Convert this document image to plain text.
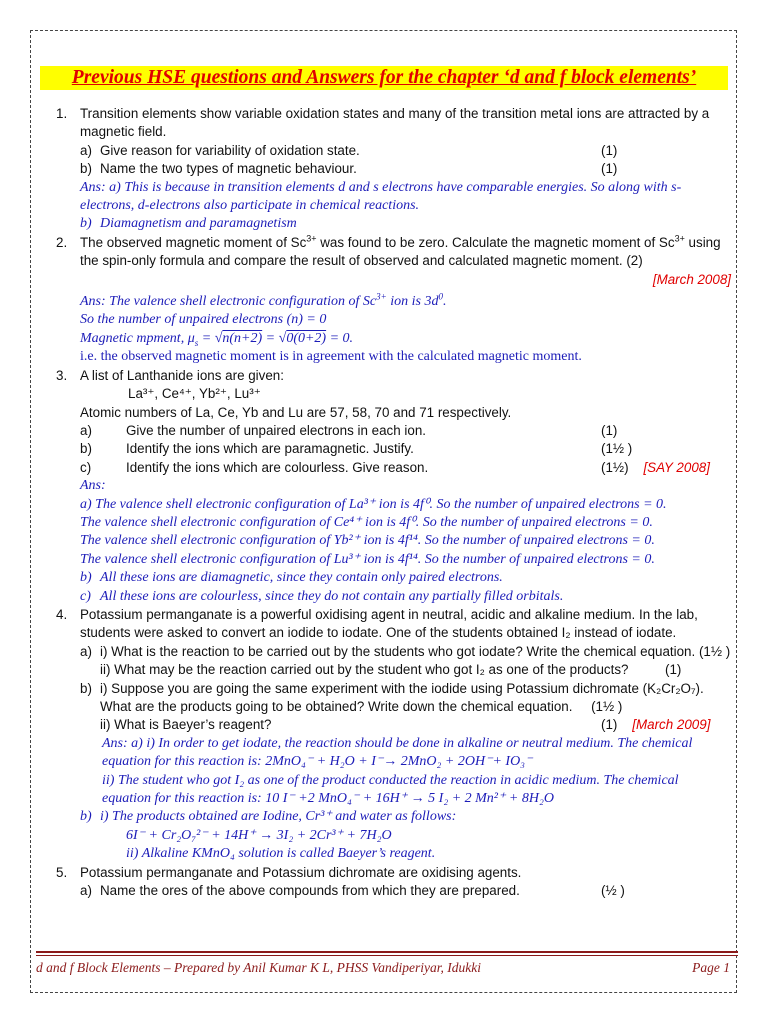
Previous HSE questions and Answers for the chapter ‘d and f block elements’
1. Transition elements show variable oxidation states and many of the transition metal ions are attracted by a magnetic field.
a) Give reason for variability of oxidation state.	(1)
b) Name the two types of magnetic behaviour.	(1)
Ans: a) This is because in transition elements d and s electrons have comparable energies. So along with s-electrons, d-electrons also participate in chemical reactions.
b) Diamagnetism and paramagnetism
2. The observed magnetic moment of $Sc^{3+}$ was found to be zero. Calculate the magnetic moment of $Sc^{3+}$ using the spin-only formula and compare the result of observed and calculated magnetic moment. (2)
[March 2008]
Ans: The valence shell electronic configuration of $Sc^{3+}$ ion is $3d^0$.
So the number of unpaired electrons (n) = 0
Magnetic mpment, $\mu_s = √n(n+2) = √0(0+2) = 0$.
i.e. the observed magnetic moment is in agreement with the calculated magnetic moment.
3. A list of Lanthanide ions are given:
La³⁺, Ce⁴⁺, Yb²⁺, Lu³⁺
Atomic numbers of La, Ce, Yb and Lu are 57, 58, 70 and 71 respectively.
a)	Give the number of unpaired electrons in each ion.	(1)
b)	Identify the ions which are paramagnetic. Justify.	(1½ )
c)	Identify the ions which are colourless. Give reason.	(1½) [SAY 2008]
Ans:
a) The valence shell electronic configuration of La³⁺ ion is 4f⁰. So the number of unpaired electrons = 0.
The valence shell electronic configuration of Ce⁴⁺ ion is 4f⁰. So the number of unpaired electrons = 0.
The valence shell electronic configuration of Yb²⁺ ion is 4f¹⁴. So the number of unpaired electrons = 0.
The valence shell electronic configuration of Lu³⁺ ion is 4f¹⁴. So the number of unpaired electrons = 0.
b) All these ions are diamagnetic, since they contain only paired electrons.
c) All these ions are colourless, since they do not contain any partially filled orbitals.
4. Potassium permanganate is a powerful oxidising agent in neutral, acidic and alkaline medium. In the lab, students were asked to convert an iodide to iodate. One of the students obtained I₂ instead of iodate.
a) i) What is the reaction to be carried out by the students who got iodate? Write the chemical equation. (1½ )
ii) What may be the reaction carried out by the student who got I₂ as one of the products?	(1)
b) i) Suppose you are going the same experiment with the iodide using Potassium dichromate (K₂Cr₂O₇). What are the products going to be obtained? Write down the chemical equation. (1½ )
ii) What is Baeyer’s reagent?	(1) [March 2009]
Ans: a) i) In order to get iodate, the reaction should be done in alkaline or neutral medium. The chemical equation for this reaction is: 2MnO₄⁻ + H₂O + I⁻→ 2MnO₂ + 2OH⁻+ IO₃⁻
ii) The student who got I₂ as one of the product conducted the reaction in acidic medium. The chemical equation for this reaction is: 10 I⁻ +2 MnO₄⁻ + 16H⁺ → 5 I₂ + 2 Mn²⁺ + 8H₂O
b) i) The products obtained are Iodine, Cr³⁺ and water as follows:
6I⁻ + Cr₂O₇²⁻ + 14H⁺ → 3I₂ + 2Cr³⁺ + 7H₂O
ii) Alkaline KMnO₄ solution is called Baeyer’s reagent.
5. Potassium permanganate and Potassium dichromate are oxidising agents.
a) Name the ores of the above compounds from which they are prepared.	(½ )
d and f Block Elements – Prepared by Anil Kumar K L, PHSS Vandiperiyar, Idukki	Page 1
